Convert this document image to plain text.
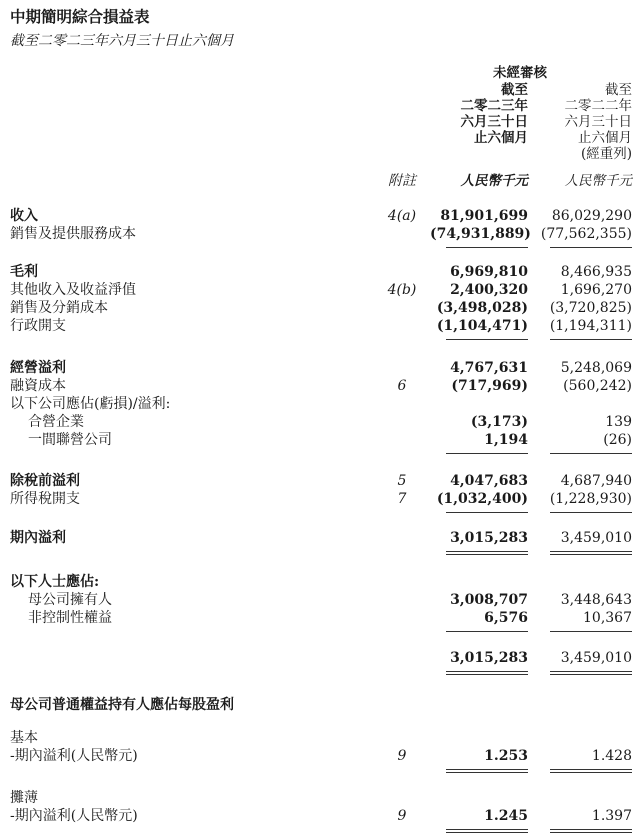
中期簡明綜合損益表
截至二零二三年六月三十日止六個月
未經審核
截至
二零二三年
六月三十日
止六個月
截至
二零二二年
六月三十日
止六個月
(經重列)
附註	人民幣千元	人民幣千元
收入	4(a)	81,901,699	86,029,290
銷售及提供服務成本	(74,931,889) (77,562,355)
毛利	6,969,810	8,466,935
其他收入及收益淨值	4(b)	2,400,320	1,696,270
銷售及分銷成本	(3,498,028)	(3,720,825)
行政開支	(1,104,471)	(1,194,311)
經營溢利	4,767,631	5,248,069
融資成本	6	(717,969)	(560,242)
以下公司應佔(虧損)/溢利:
合營企業	(3,173)	139
一間聯營公司	1,194	(26)
除稅前溢利	5	4,047,683	4,687,940
所得稅開支	7	(1,032,400)	(1,228,930)
期內溢利	3,015,283	3,459,010
以下人士應佔:
母公司擁有人	3,008,707	3,448,643
非控制性權益	6,576	10,367
3,015,283	3,459,010
母公司普通權益持有人應佔每股盈利
基本
-期內溢利(人民幣元)	9	1.253	1.428
攤薄
-期內溢利(人民幣元)	9	1.245	1.397
